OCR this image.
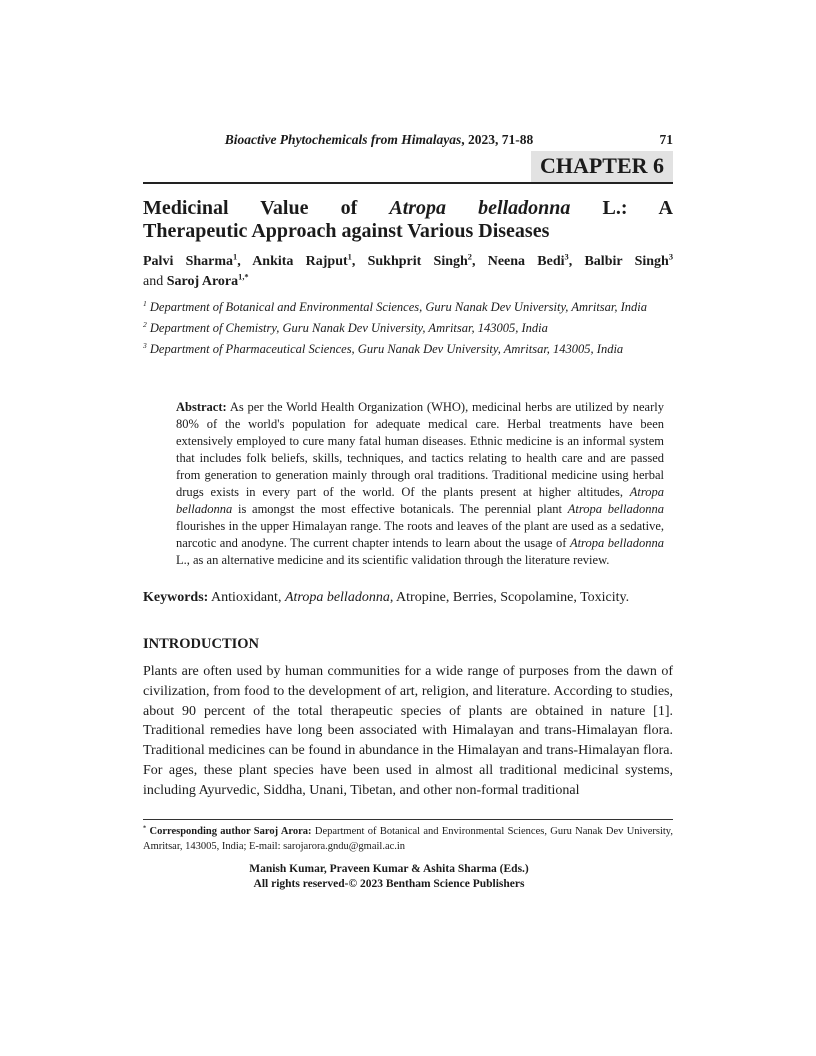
Bioactive Phytochemicals from Himalayas, 2023, 71-88	71
CHAPTER 6
Medicinal Value of Atropa belladonna L.: A
Therapeutic Approach against Various Diseases
Palvi Sharma$^1$, Ankita Rajput$^1$, Sukhprit Singh$^2$, Neena Bedi$^3$, Balbir Singh$^3$
and Saroj Arora$^{1,*}$

$^1$ Department of Botanical and Environmental Sciences, Guru Nanak Dev University, Amritsar, India

$^2$ Department of Chemistry, Guru Nanak Dev University, Amritsar, 143005, India

$^3$ Department of Pharmaceutical Sciences, Guru Nanak Dev University, Amritsar, 143005, India

Abstract: As per the World Health Organization (WHO), medicinal herbs are utilized by nearly 80% of the world's population for adequate medical care. Herbal treatments have been extensively employed to cure many fatal human diseases. Ethnic medicine is an informal system that includes folk beliefs, skills, techniques, and tactics relating to health care and are passed from generation to generation mainly through oral traditions. Traditional medicine using herbal drugs exists in every part of the world. Of the plants present at higher altitudes, Atropa belladonna is amongst the most effective botanicals. The perennial plant Atropa belladonna flourishes in the upper Himalayan range. The roots and leaves of the plant are used as a sedative, narcotic and anodyne. The current chapter intends to learn about the usage of Atropa belladonna L., as an alternative medicine and its scientific validation through the literature review.

Keywords: Antioxidant, Atropa belladonna, Atropine, Berries, Scopolamine, Toxicity.

INTRODUCTION

Plants are often used by human communities for a wide range of purposes from the dawn of civilization, from food to the development of art, religion, and literature. According to studies, about 90 percent of the total therapeutic species of plants are obtained in nature [1]. Traditional remedies have long been associated with Himalayan and trans-Himalayan flora. Traditional medicines can be found in abundance in the Himalayan and trans-Himalayan flora. For ages, these plant species have been used in almost all traditional medicinal systems, including Ayurvedic, Siddha, Unani, Tibetan, and other non-formal traditional

* Corresponding author Saroj Arora: Department of Botanical and Environmental Sciences, Guru Nanak Dev University, Amritsar, 143005, India; E-mail: sarojarora.gndu@gmail.ac.in
Manish Kumar, Praveen Kumar & Ashita Sharma (Eds.)
All rights reserved-© 2023 Bentham Science Publishers
